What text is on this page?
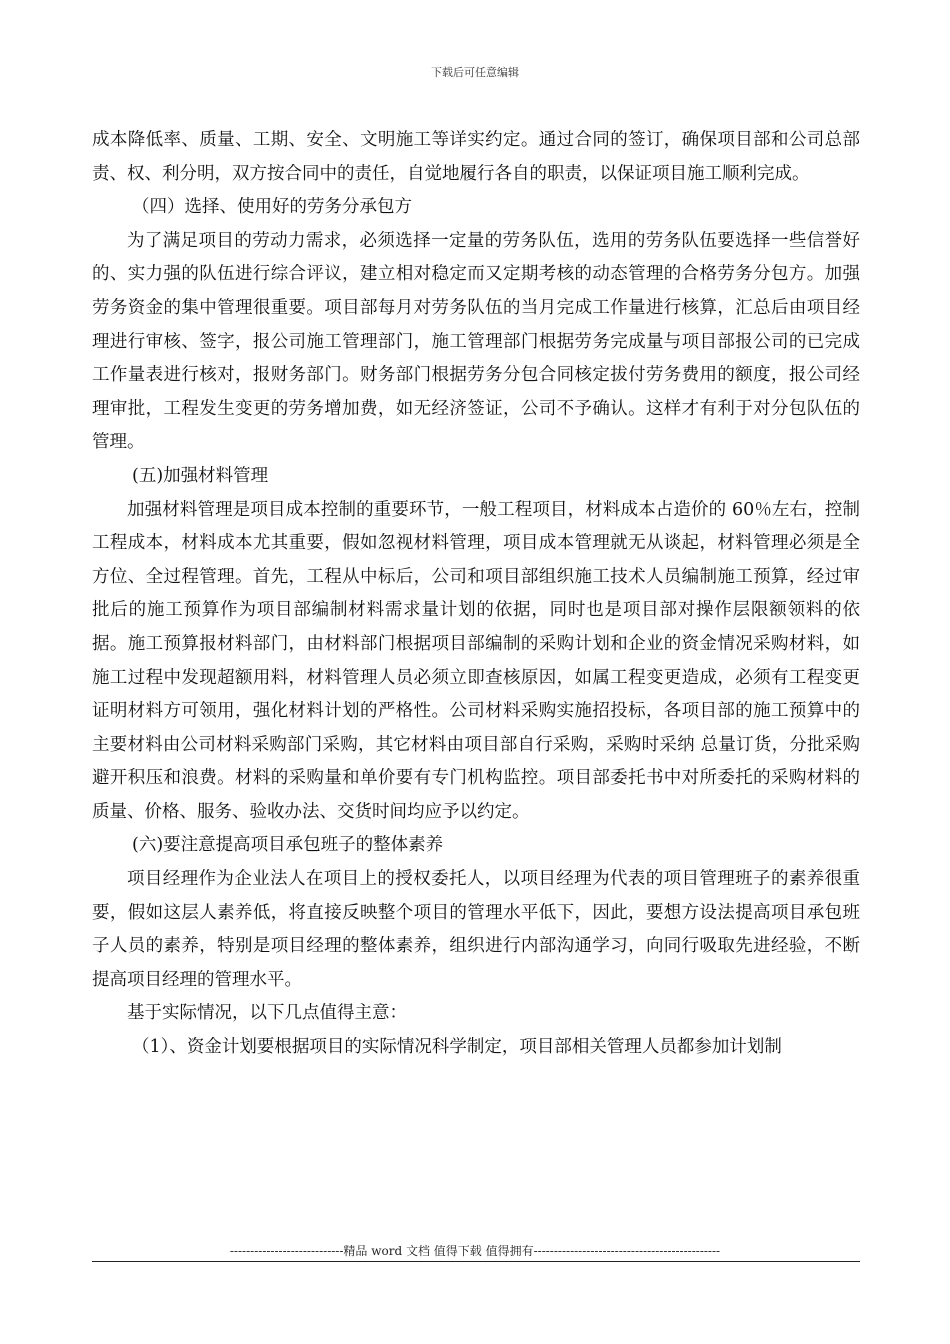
下载后可任意编辑

成本降低率、质量、工期、安全、文明施工等详实约定。通过合同的签订，确保项目部和公司总部责、权、利分明，双方按合同中的责任，自觉地履行各自的职责，以保证项目施工顺利完成。

（四）选择、使用好的劳务分承包方

为了满足项目的劳动力需求，必须选择一定量的劳务队伍，选用的劳务队伍要选择一些信誉好的、实力强的队伍进行综合评议，建立相对稳定而又定期考核的动态管理的合格劳务分包方。加强劳务资金的集中管理很重要。项目部每月对劳务队伍的当月完成工作量进行核算，汇总后由项目经理进行审核、签字，报公司施工管理部门，施工管理部门根据劳务完成量与项目部报公司的已完成工作量表进行核对，报财务部门。财务部门根据劳务分包合同核定拔付劳务费用的额度，报公司经理审批，工程发生变更的劳务增加费，如无经济签证，公司不予确认。这样才有利于对分包队伍的管理。

(五)加强材料管理

加强材料管理是项目成本控制的重要环节，一般工程项目，材料成本占造价的 60％左右，控制工程成本，材料成本尤其重要，假如忽视材料管理，项目成本管理就无从谈起，材料管理必须是全方位、全过程管理。首先，工程从中标后，公司和项目部组织施工技术人员编制施工预算，经过审批后的施工预算作为项目部编制材料需求量计划的依据，同时也是项目部对操作层限额领料的依据。施工预算报材料部门，由材料部门根据项目部编制的采购计划和企业的资金情况采购材料，如施工过程中发现超额用料，材料管理人员必须立即查核原因，如属工程变更造成，必须有工程变更证明材料方可领用，强化材料计划的严格性。公司材料采购实施招投标，各项目部的施工预算中的主要材料由公司材料采购部门采购，其它材料由项目部自行采购，采购时采纳 总量订货，分批采购 避开积压和浪费。材料的采购量和单价要有专门机构监控。项目部委托书中对所委托的采购材料的质量、价格、服务、验收办法、交货时间均应予以约定。

(六)要注意提高项目承包班子的整体素养

项目经理作为企业法人在项目上的授权委托人，以项目经理为代表的项目管理班子的素养很重要，假如这层人素养低，将直接反映整个项目的管理水平低下，因此，要想方设法提高项目承包班子人员的素养，特别是项目经理的整体素养，组织进行内部沟通学习，向同行吸取先进经验，不断提高项目经理的管理水平。

基于实际情况，以下几点值得主意：

（1）、资金计划要根据项目的实际情况科学制定，项目部相关管理人员都参加计划制

----------------------------精品 word 文档 值得下载 值得拥有----------------------------------------------
